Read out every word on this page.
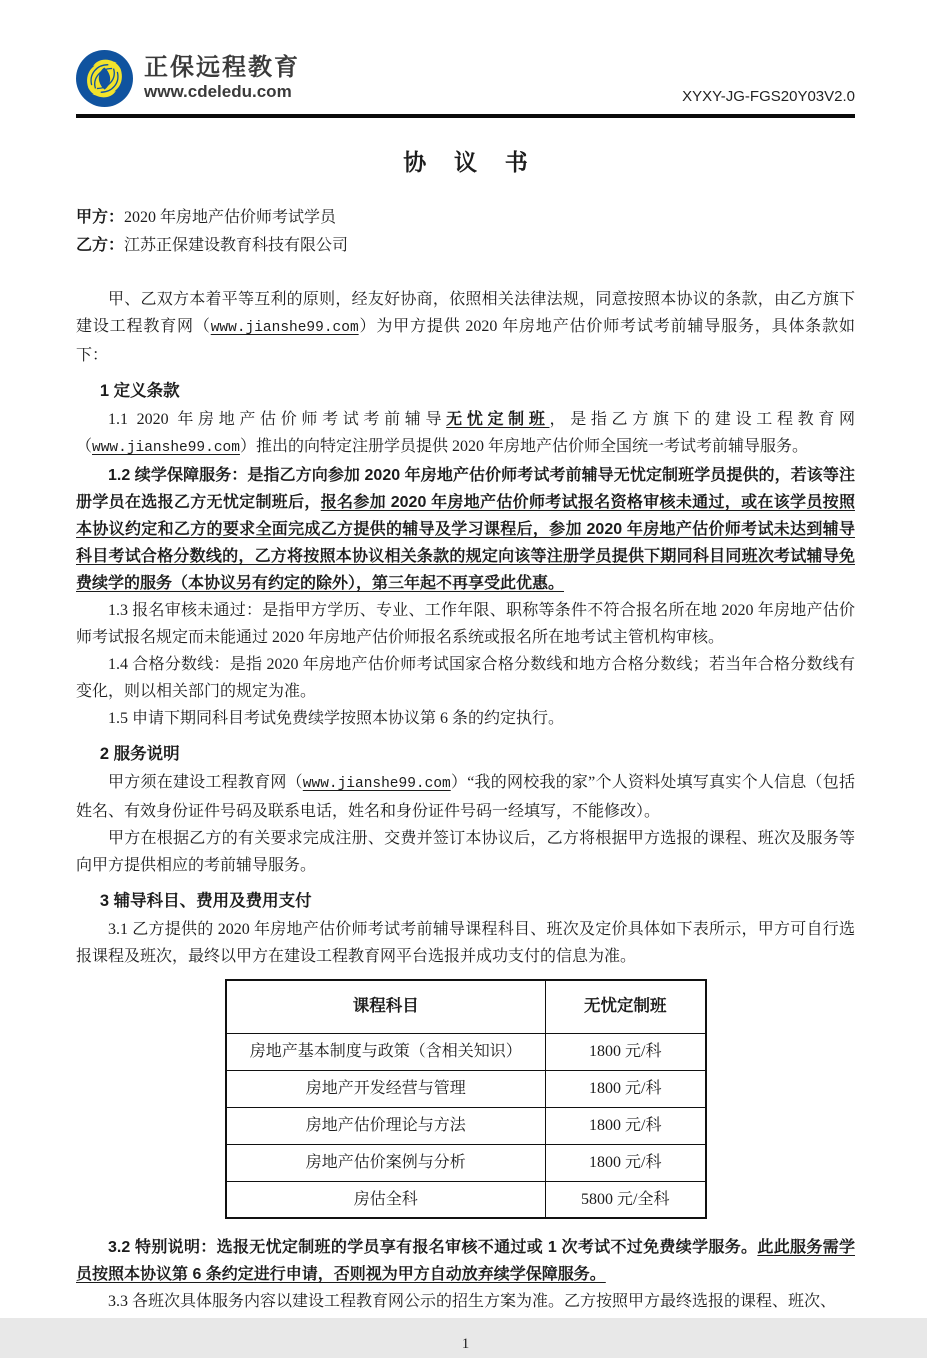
正保远程教育
www.cdeledu.com	XYXY-JG-FGS20Y03V2.0
协 议 书
甲方：2020 年房地产估价师考试学员
乙方：江苏正保建设教育科技有限公司

甲、乙双方本着平等互利的原则，经友好协商，依照相关法律法规，同意按照本协议的条款，由乙方旗下建设工程教育网（www.jianshe99.com）为甲方提供 2020 年房地产估价师考试考前辅导服务，具体条款如下：

1 定义条款

1.1 2020 年房地产估价师考试考前辅导无忧定制班，是指乙方旗下的建设工程教育网（www.jianshe99.com）推出的向特定注册学员提供 2020 年房地产估价师全国统一考试考前辅导服务。

1.2 续学保障服务：是指乙方向参加 2020 年房地产估价师考试考前辅导无忧定制班学员提供的，若该等注册学员在选报乙方无忧定制班后，报名参加 2020 年房地产估价师考试报名资格审核未通过，或在该学员按照本协议约定和乙方的要求全面完成乙方提供的辅导及学习课程后，参加 2020 年房地产估价师考试未达到辅导科目考试合格分数线的，乙方将按照本协议相关条款的规定向该等注册学员提供下期同科目同班次考试辅导免费续学的服务（本协议另有约定的除外），第三年起不再享受此优惠。

1.3 报名审核未通过：是指甲方学历、专业、工作年限、职称等条件不符合报名所在地 2020 年房地产估价师考试报名规定而未能通过 2020 年房地产估价师报名系统或报名所在地考试主管机构审核。

1.4 合格分数线：是指 2020 年房地产估价师考试国家合格分数线和地方合格分数线；若当年合格分数线有变化，则以相关部门的规定为准。

1.5 申请下期同科目考试免费续学按照本协议第 6 条的约定执行。

2 服务说明

甲方须在建设工程教育网（www.jianshe99.com）“我的网校我的家”个人资料处填写真实个人信息（包括姓名、有效身份证件号码及联系电话，姓名和身份证件号码一经填写，不能修改）。

甲方在根据乙方的有关要求完成注册、交费并签订本协议后，乙方将根据甲方选报的课程、班次及服务等向甲方提供相应的考前辅导服务。

3 辅导科目、费用及费用支付

3.1 乙方提供的 2020 年房地产估价师考试考前辅导课程科目、班次及定价具体如下表所示，甲方可自行选报课程及班次，最终以甲方在建设工程教育网平台选报并成功支付的信息为准。

课程科目	无忧定制班
房地产基本制度与政策（含相关知识）	1800 元/科
房地产开发经营与管理	1800 元/科
房地产估价理论与方法	1800 元/科
房地产估价案例与分析	1800 元/科
房估全科	5800 元/全科

3.2 特别说明：选报无忧定制班的学员享有报名审核不通过或 1 次考试不过免费续学服务。此此服务需学员按照本协议第 6 条约定进行申请，否则视为甲方自动放弃续学保障服务。

3.3 各班次具体服务内容以建设工程教育网公示的招生方案为准。乙方按照甲方最终选报的课程、班次、

1
